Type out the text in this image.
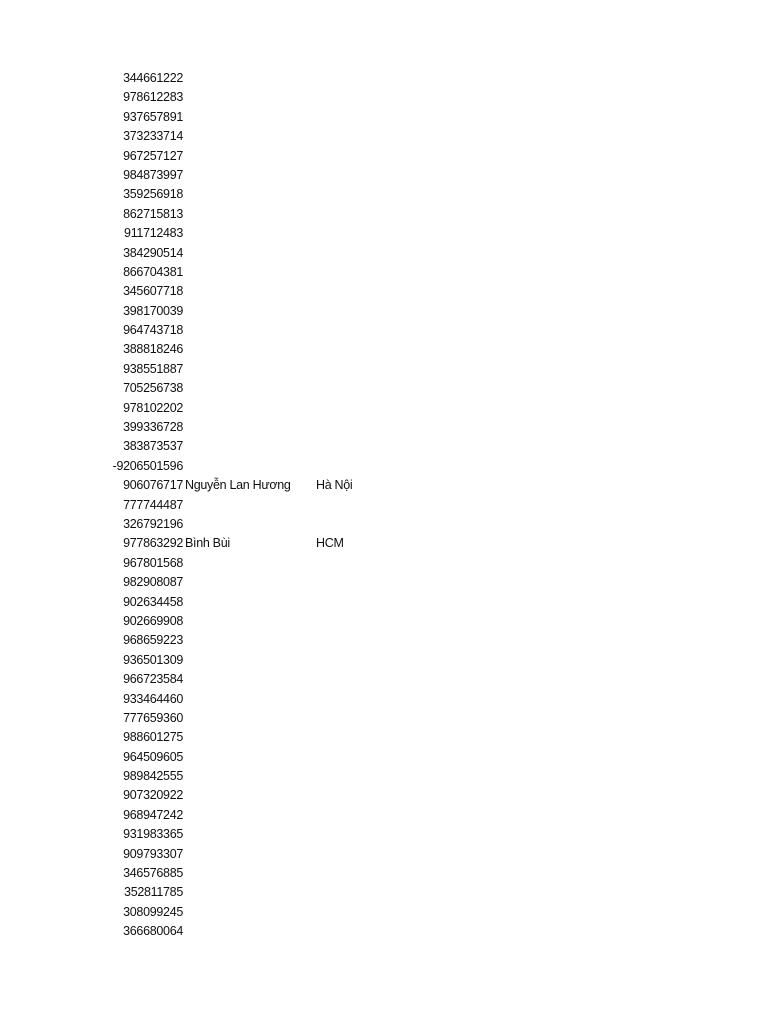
344661222
978612283
937657891
373233714
967257127
984873997
359256918
862715813
911712483
384290514
866704381
345607718
398170039
964743718
388818246
938551887
705256738
978102202
399336728
383873537
-9206501596
906076717 Nguyễn Lan Hương Hà Nội
777744487
326792196
977863292 Bình Bùi	HCM
967801568
982908087
902634458
902669908
968659223
936501309
966723584
933464460
777659360
988601275
964509605
989842555
907320922
968947242
931983365
909793307
346576885
352811785
308099245
366680064
